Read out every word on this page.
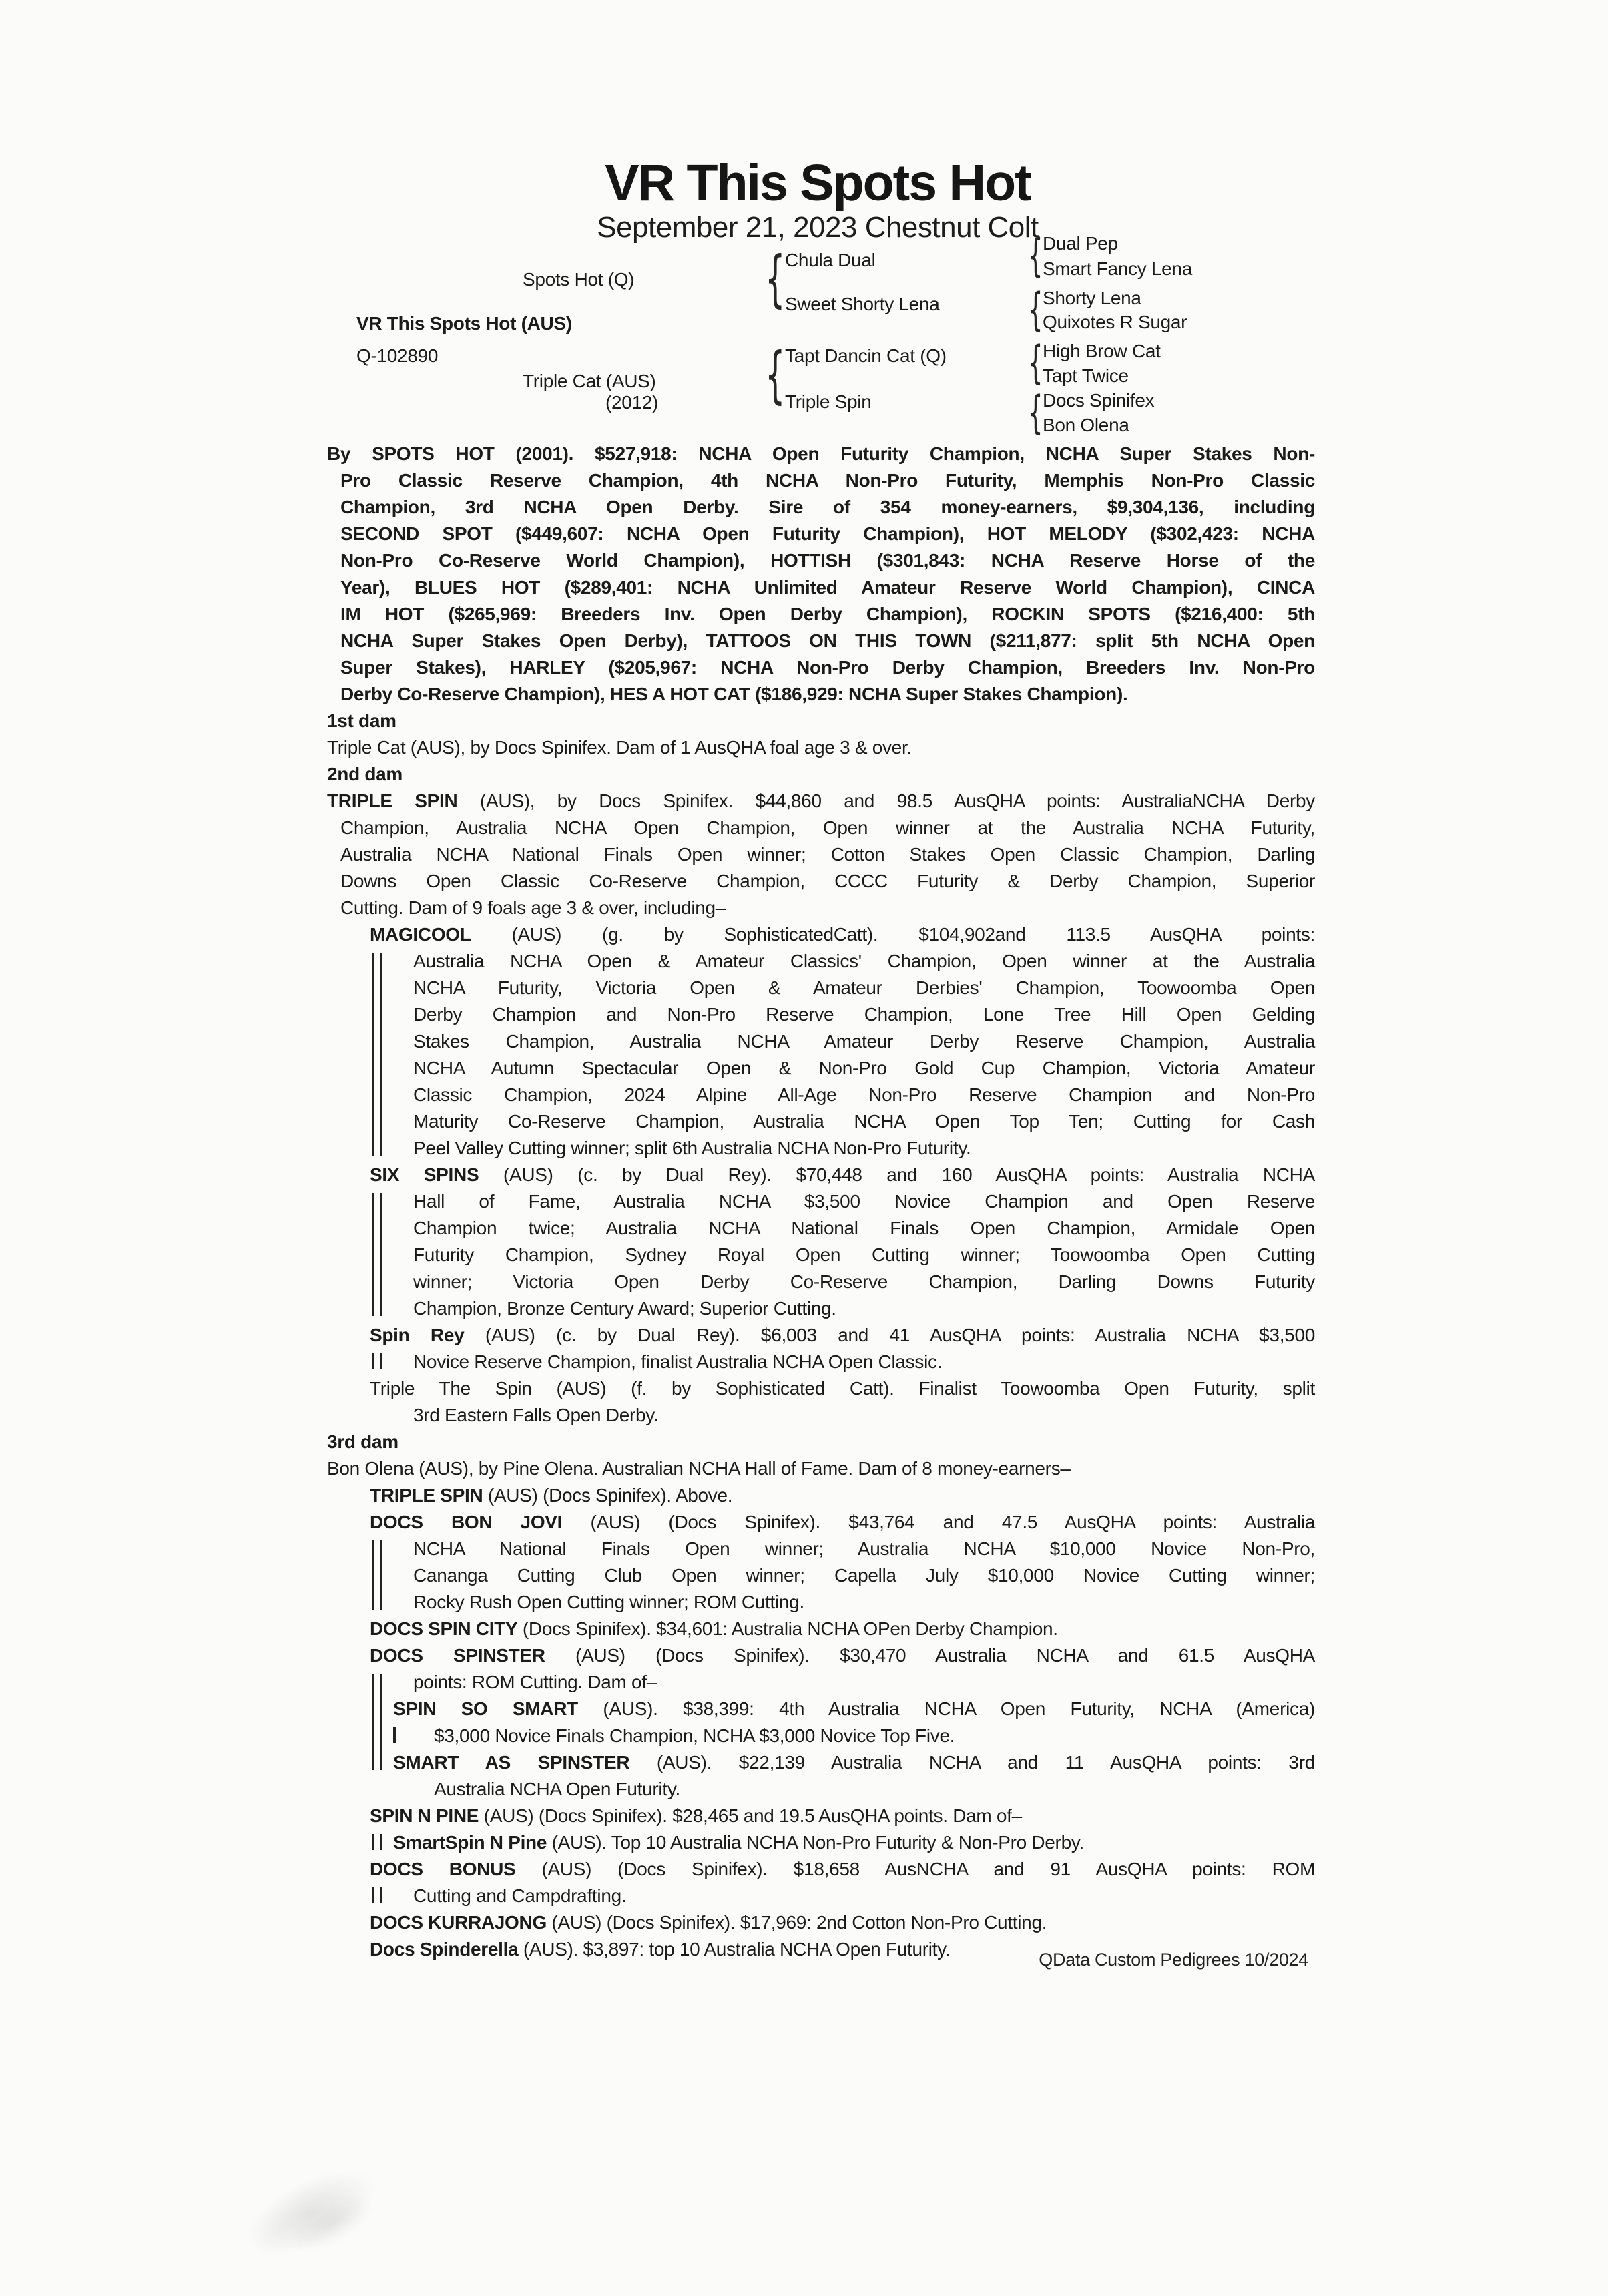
VR This Spots Hot
September 21, 2023 Chestnut Colt
VR This Spots Hot (AUS)
Q-102890
Spots Hot (Q)
Triple Cat (AUS)
(2012)
Chula Dual
Sweet Shorty Lena
Tapt Dancin Cat (Q)
Triple Spin
Dual Pep
Smart Fancy Lena
Shorty Lena
Quixotes R Sugar
High Brow Cat
Tapt Twice
Docs Spinifex
Bon Olena
{
{
{
{
{
{
By SPOTS HOT (2001). $527,918: NCHA Open Futurity Champion, NCHA Super Stakes Non-
Pro Classic Reserve Champion, 4th NCHA Non-Pro Futurity, Memphis Non-Pro Classic
Champion, 3rd NCHA Open Derby. Sire of 354 money-earners, $9,304,136, including
SECOND SPOT ($449,607: NCHA Open Futurity Champion), HOT MELODY ($302,423: NCHA
Non-Pro Co-Reserve World Champion), HOTTISH ($301,843: NCHA Reserve Horse of the
Year), BLUES HOT ($289,401: NCHA Unlimited Amateur Reserve World Champion), CINCA
IM HOT ($265,969: Breeders Inv. Open Derby Champion), ROCKIN SPOTS ($216,400: 5th
NCHA Super Stakes Open Derby), TATTOOS ON THIS TOWN ($211,877: split 5th NCHA Open
Super Stakes), HARLEY ($205,967: NCHA Non-Pro Derby Champion, Breeders Inv. Non-Pro
Derby Co-Reserve Champion), HES A HOT CAT ($186,929: NCHA Super Stakes Champion).
1st dam
Triple Cat (AUS), by Docs Spinifex. Dam of 1 AusQHA foal age 3 & over.
2nd dam
TRIPLE SPIN (AUS), by Docs Spinifex. $44,860 and 98.5 AusQHA points: AustraliaNCHA Derby
Champion, Australia NCHA Open Champion, Open winner at the Australia NCHA Futurity,
Australia NCHA National Finals Open winner; Cotton Stakes Open Classic Champion, Darling
Downs Open Classic Co-Reserve Champion, CCCC Futurity & Derby Champion, Superior
Cutting. Dam of 9 foals age 3 & over, including–
MAGICOOL (AUS) (g. by SophisticatedCatt). $104,902and 113.5 AusQHA points:
Australia NCHA Open & Amateur Classics' Champion, Open winner at the Australia
NCHA Futurity, Victoria Open & Amateur Derbies' Champion, Toowoomba Open
Derby Champion and Non-Pro Reserve Champion, Lone Tree Hill Open Gelding
Stakes Champion, Australia NCHA Amateur Derby Reserve Champion, Australia
NCHA Autumn Spectacular Open & Non-Pro Gold Cup Champion, Victoria Amateur
Classic Champion, 2024 Alpine All-Age Non-Pro Reserve Champion and Non-Pro
Maturity Co-Reserve Champion, Australia NCHA Open Top Ten; Cutting for Cash
Peel Valley Cutting winner; split 6th Australia NCHA Non-Pro Futurity.
SIX SPINS (AUS) (c. by Dual Rey). $70,448 and 160 AusQHA points: Australia NCHA
Hall of Fame, Australia NCHA $3,500 Novice Champion and Open Reserve
Champion twice; Australia NCHA National Finals Open Champion, Armidale Open
Futurity Champion, Sydney Royal Open Cutting winner; Toowoomba Open Cutting
winner; Victoria Open Derby Co-Reserve Champion, Darling Downs Futurity
Champion, Bronze Century Award; Superior Cutting.
Spin Rey (AUS) (c. by Dual Rey). $6,003 and 41 AusQHA points: Australia NCHA $3,500
Novice Reserve Champion, finalist Australia NCHA Open Classic.
Triple The Spin (AUS) (f. by Sophisticated Catt). Finalist Toowoomba Open Futurity, split
3rd Eastern Falls Open Derby.
3rd dam
Bon Olena (AUS), by Pine Olena. Australian NCHA Hall of Fame. Dam of 8 money-earners–
TRIPLE SPIN (AUS) (Docs Spinifex). Above.
DOCS BON JOVI (AUS) (Docs Spinifex). $43,764 and 47.5 AusQHA points: Australia
NCHA National Finals Open winner; Australia NCHA $10,000 Novice Non-Pro,
Cananga Cutting Club Open winner; Capella July $10,000 Novice Cutting winner;
Rocky Rush Open Cutting winner; ROM Cutting.
DOCS SPIN CITY (Docs Spinifex). $34,601: Australia NCHA OPen Derby Champion.
DOCS SPINSTER (AUS) (Docs Spinifex). $30,470 Australia NCHA and 61.5 AusQHA
points: ROM Cutting. Dam of–
SPIN SO SMART (AUS). $38,399: 4th Australia NCHA Open Futurity, NCHA (America)
$3,000 Novice Finals Champion, NCHA $3,000 Novice Top Five.
SMART AS SPINSTER (AUS). $22,139 Australia NCHA and 11 AusQHA points: 3rd
Australia NCHA Open Futurity.
SPIN N PINE (AUS) (Docs Spinifex). $28,465 and 19.5 AusQHA points. Dam of–
SmartSpin N Pine (AUS). Top 10 Australia NCHA Non-Pro Futurity & Non-Pro Derby.
DOCS BONUS (AUS) (Docs Spinifex). $18,658 AusNCHA and 91 AusQHA points: ROM
Cutting and Campdrafting.
DOCS KURRAJONG (AUS) (Docs Spinifex). $17,969: 2nd Cotton Non-Pro Cutting.
Docs Spinderella (AUS). $3,897: top 10 Australia NCHA Open Futurity.	QData Custom Pedigrees 10/2024
